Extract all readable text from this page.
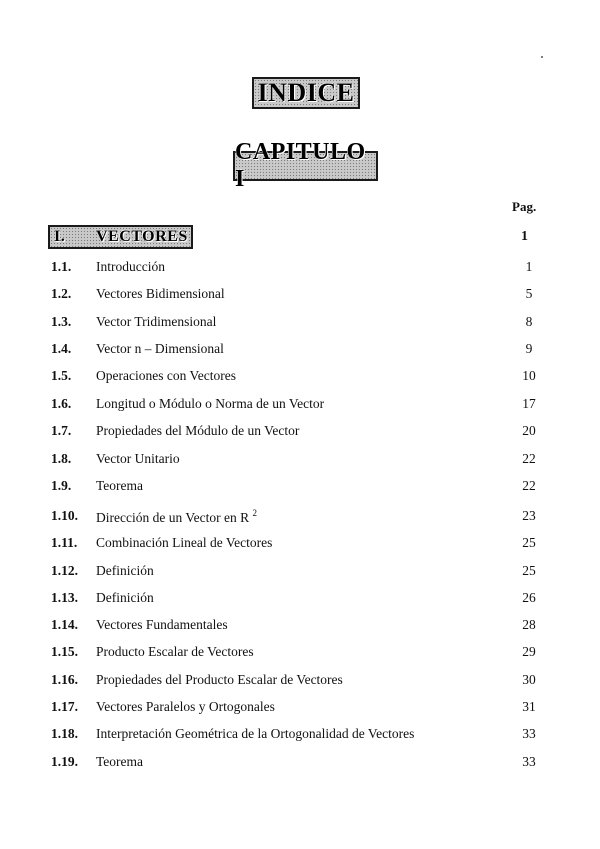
INDICE
CAPITULO I
Pag.
I. VECTORES	1
1.1. Introducción	1
1.2. Vectores Bidimensional	5
1.3. Vector Tridimensional	8
1.4. Vector n – Dimensional	9
1.5. Operaciones con Vectores	10
1.6. Longitud o Módulo o Norma de un Vector	17
1.7. Propiedades del Módulo de un Vector	20
1.8. Vector Unitario	22
1.9. Teorema	22
1.10. Dirección de un Vector en R $^2$	23
1.11. Combinación Lineal de Vectores	25
1.12. Definición	25
1.13. Definición	26
1.14. Vectores Fundamentales	28
1.15. Producto Escalar de Vectores	29
1.16. Propiedades del Producto Escalar de Vectores	30
1.17. Vectores Paralelos y Ortogonales	31
1.18. Interpretación Geométrica de la Ortogonalidad de Vectores	33
1.19. Teorema	33
